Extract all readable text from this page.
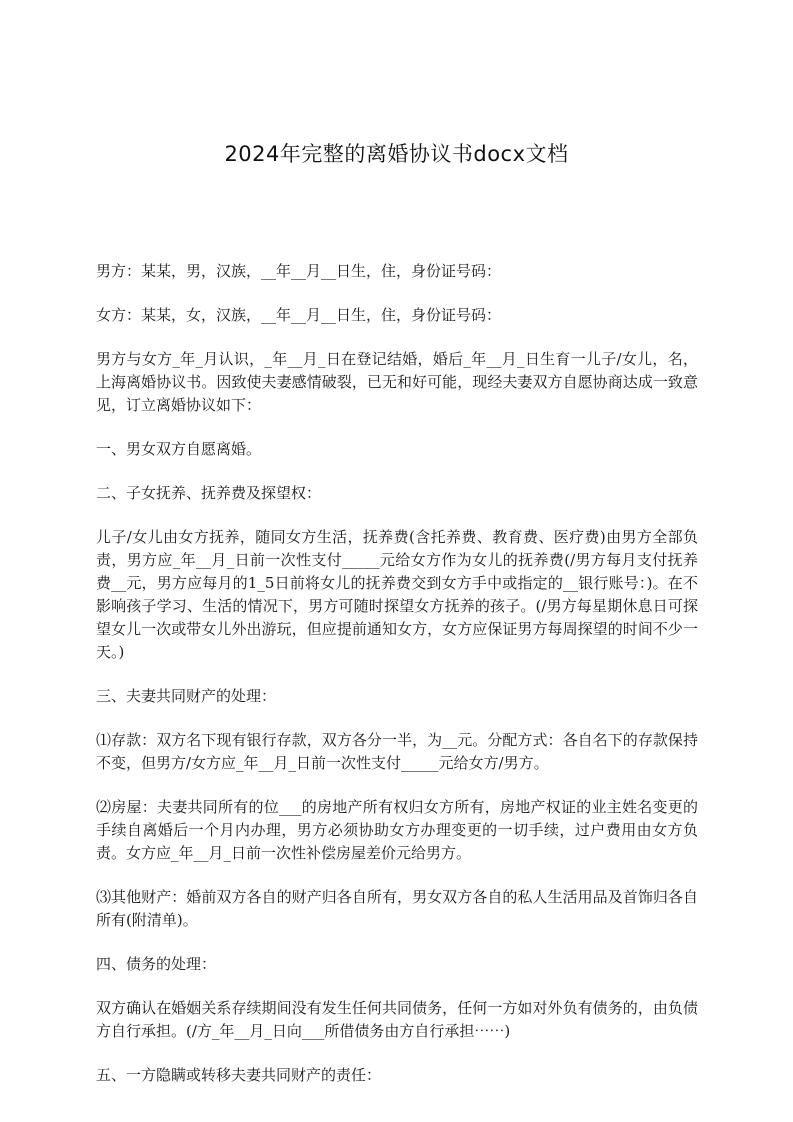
2024年完整的离婚协议书docx文档

男方：某某，男，汉族，__年__月__日生，住，身份证号码：

女方：某某，女，汉族，__年__月__日生，住，身份证号码：

男方与女方_年_月认识，_年__月_日在登记结婚，婚后_年__月_日生育一儿子/女儿，名，上海离婚协议书。因致使夫妻感情破裂，已无和好可能，现经夫妻双方自愿协商达成一致意见，订立离婚协议如下：

一、男女双方自愿离婚。

二、子女抚养、抚养费及探望权：

儿子/女儿由女方抚养，随同女方生活，抚养费(含托养费、教育费、医疗费)由男方全部负责，男方应_年__月_日前一次性支付_____元给女方作为女儿的抚养费(/男方每月支付抚养费__元，男方应每月的1_5日前将女儿的抚养费交到女方手中或指定的__银行账号：)。在不影响孩子学习、生活的情况下，男方可随时探望女方抚养的孩子。(/男方每星期休息日可探望女儿一次或带女儿外出游玩，但应提前通知女方，女方应保证男方每周探望的时间不少一天。)

三、夫妻共同财产的处理：

⑴存款：双方名下现有银行存款，双方各分一半，为__元。分配方式：各自名下的存款保持不变，但男方/女方应_年__月_日前一次性支付_____元给女方/男方。

⑵房屋：夫妻共同所有的位___的房地产所有权归女方所有，房地产权证的业主姓名变更的手续自离婚后一个月内办理，男方必须协助女方办理变更的一切手续，过户费用由女方负责。女方应_年__月_日前一次性补偿房屋差价元给男方。

⑶其他财产：婚前双方各自的财产归各自所有，男女双方各自的私人生活用品及首饰归各自所有(附清单)。

四、债务的处理：

双方确认在婚姻关系存续期间没有发生任何共同债务，任何一方如对外负有债务的，由负债方自行承担。(/方_年__月_日向___所借债务由方自行承担⋯⋯)

五、一方隐瞒或转移夫妻共同财产的责任：
